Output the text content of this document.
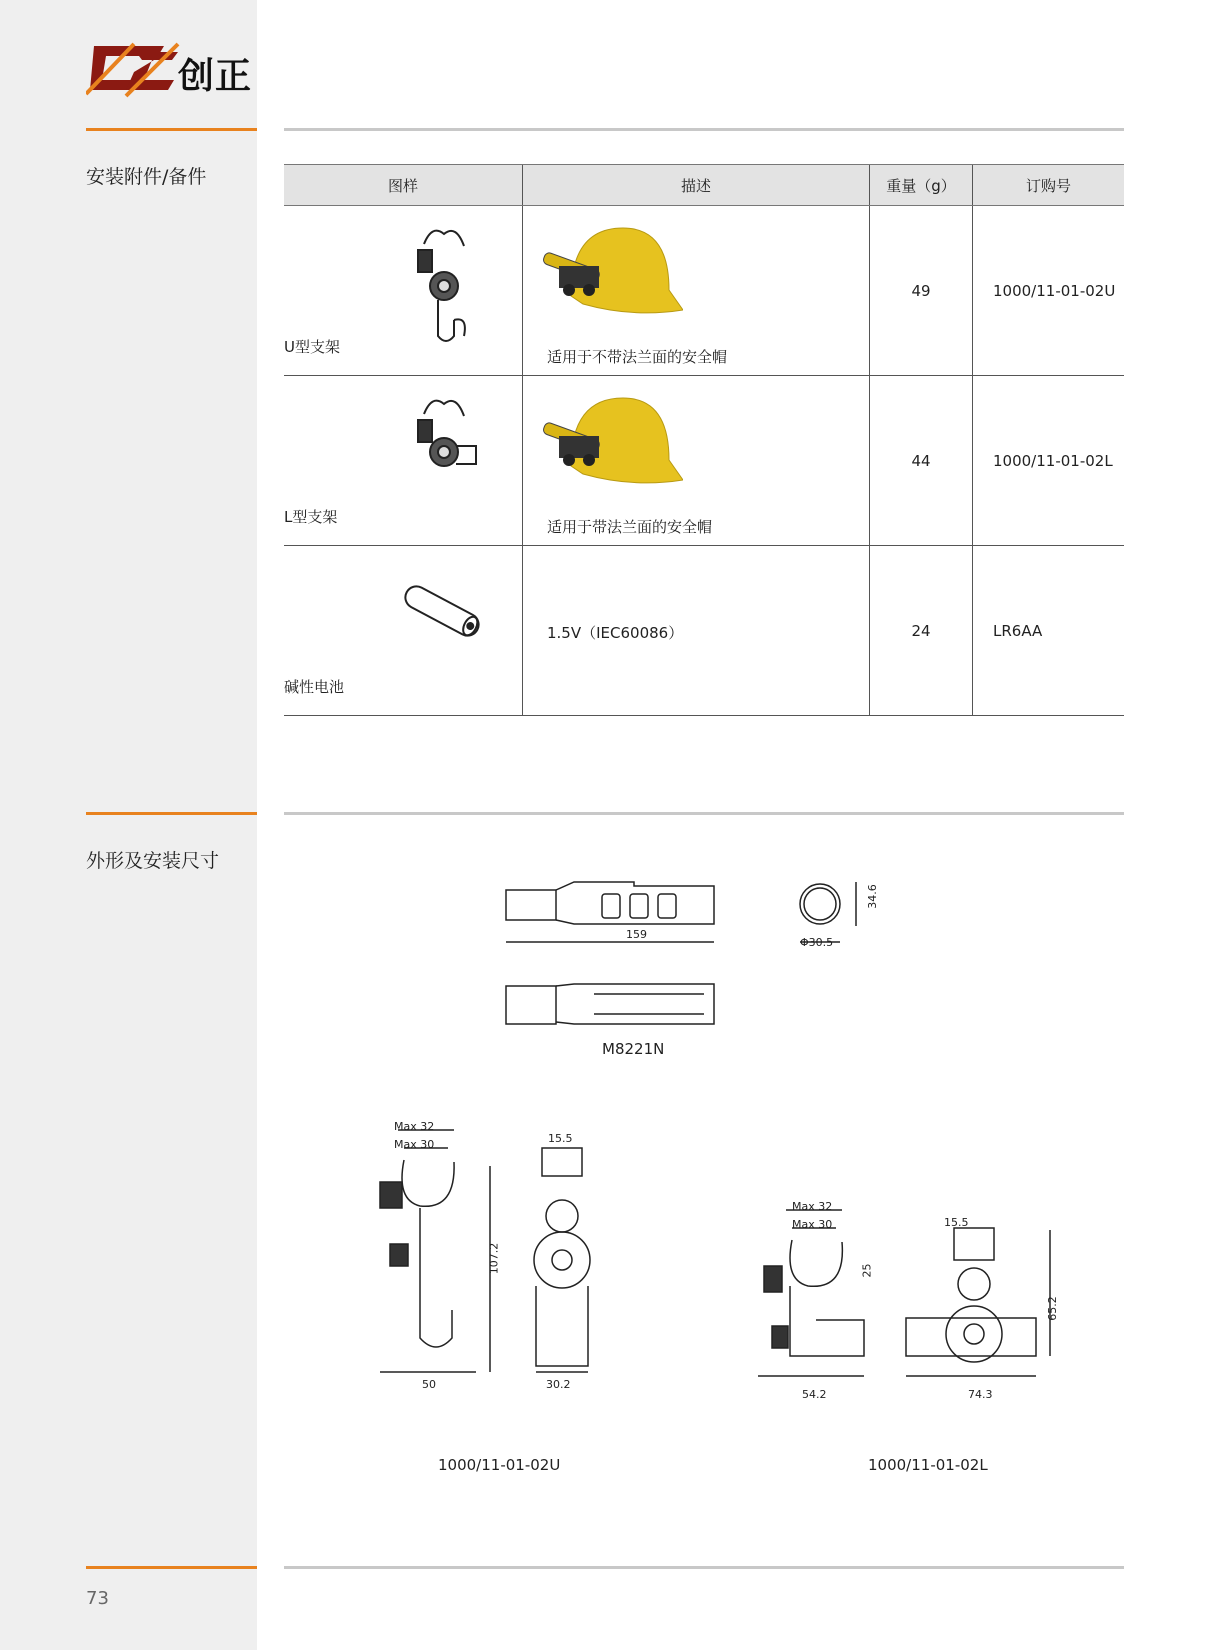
创正
安装附件/备件	图样	描述	重量（g）	订购号

U型支架	适用于不带法兰面的安全帽	49	1000/11-01-02U

L型支架	适用于带法兰面的安全帽	44	1000/11-01-02L

碱性电池	1.5V（IEC60086）	24	LR6AA
外形及安装尺寸
159
34.6
Φ30.5
M8221N
Max 32
Max 30	15.5
107.2
50	30.2
1000/11-01-02U
Max 32
Max 30	15.5
25
65.2
54.2	74.3
1000/11-01-02L
73
